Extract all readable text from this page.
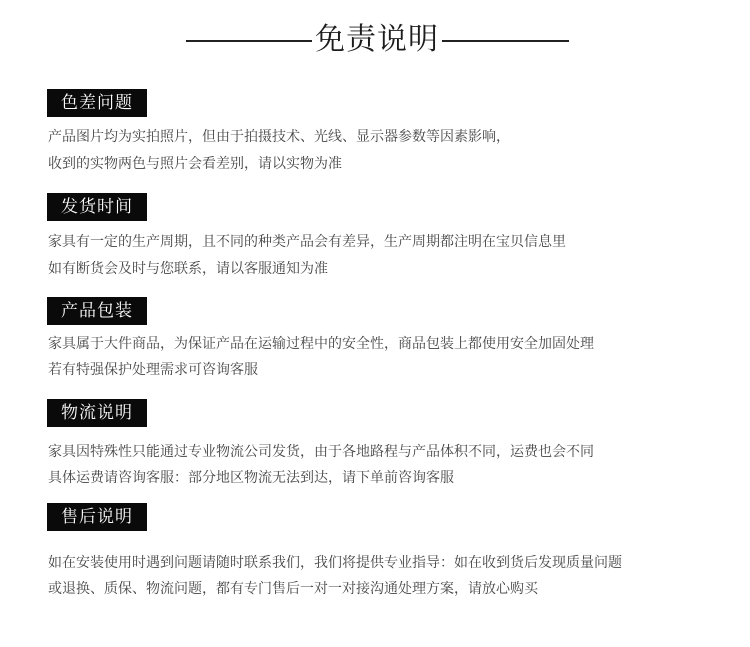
免责说明
色差问题
产品图片均为实拍照片，但由于拍摄技术、光线、显示器参数等因素影响，
收到的实物两色与照片会看差别，请以实物为准
发货时间
家具有一定的生产周期，且不同的种类产品会有差异，生产周期都注明在宝贝信息里
如有断货会及时与您联系，请以客服通知为准
产品包装
家具属于大件商品，为保证产品在运输过程中的安全性，商品包装上都使用安全加固处理
若有特强保护处理需求可咨询客服
物流说明
家具因特殊性只能通过专业物流公司发货，由于各地路程与产品体积不同，运费也会不同
具体运费请咨询客服：部分地区物流无法到达，请下单前咨询客服
售后说明
如在安装使用时遇到问题请随时联系我们，我们将提供专业指导：如在收到货后发现质量问题
或退换、质保、物流问题，都有专门售后一对一对接沟通处理方案，请放心购买
